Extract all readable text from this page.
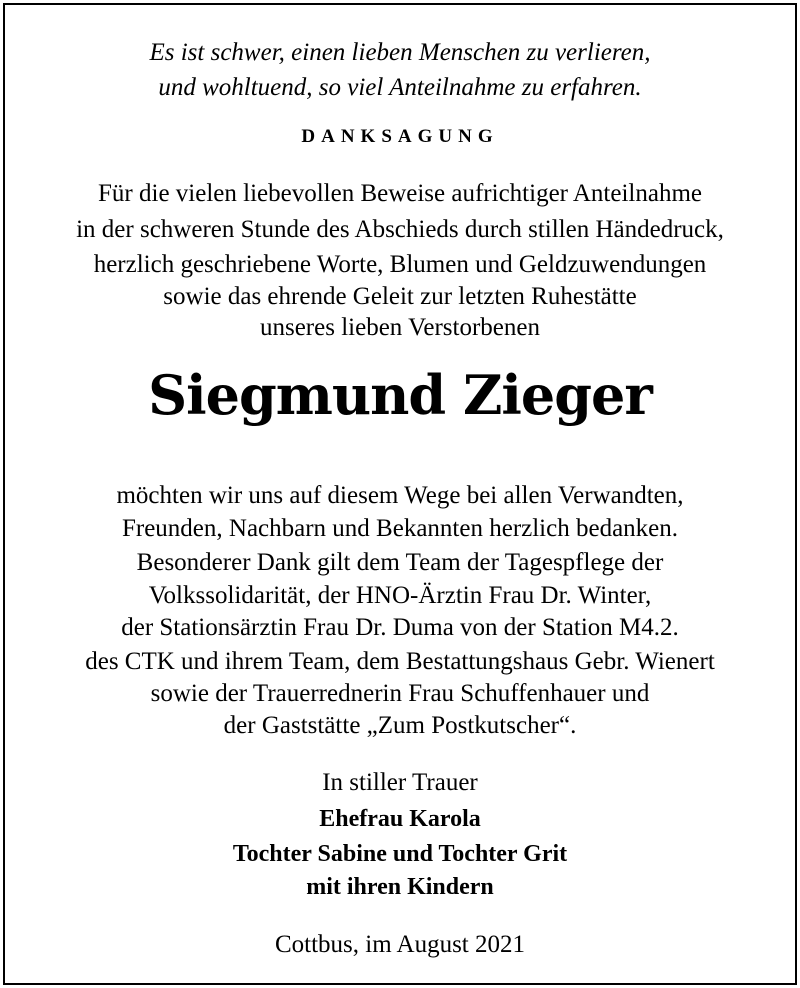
Es ist schwer, einen lieben Menschen zu verlieren,
und wohltuend, so viel Anteilnahme zu erfahren.
DANKSAGUNG
Für die vielen liebevollen Beweise aufrichtiger Anteilnahme
in der schweren Stunde des Abschieds durch stillen Händedruck,
herzlich geschriebene Worte, Blumen und Geldzuwendungen
sowie das ehrende Geleit zur letzten Ruhestätte
unseres lieben Verstorbenen
Siegmund Zieger
möchten wir uns auf diesem Wege bei allen Verwandten,
Freunden, Nachbarn und Bekannten herzlich bedanken.
Besonderer Dank gilt dem Team der Tagespflege der
Volkssolidarität, der HNO-Ärztin Frau Dr. Winter,
der Stationsärztin Frau Dr. Duma von der Station M4.2.
des CTK und ihrem Team, dem Bestattungshaus Gebr. Wienert
sowie der Trauerrednerin Frau Schuffenhauer und
der Gaststätte „Zum Postkutscher“.
In stiller Trauer
Ehefrau Karola
Tochter Sabine und Tochter Grit
mit ihren Kindern
Cottbus, im August 2021
